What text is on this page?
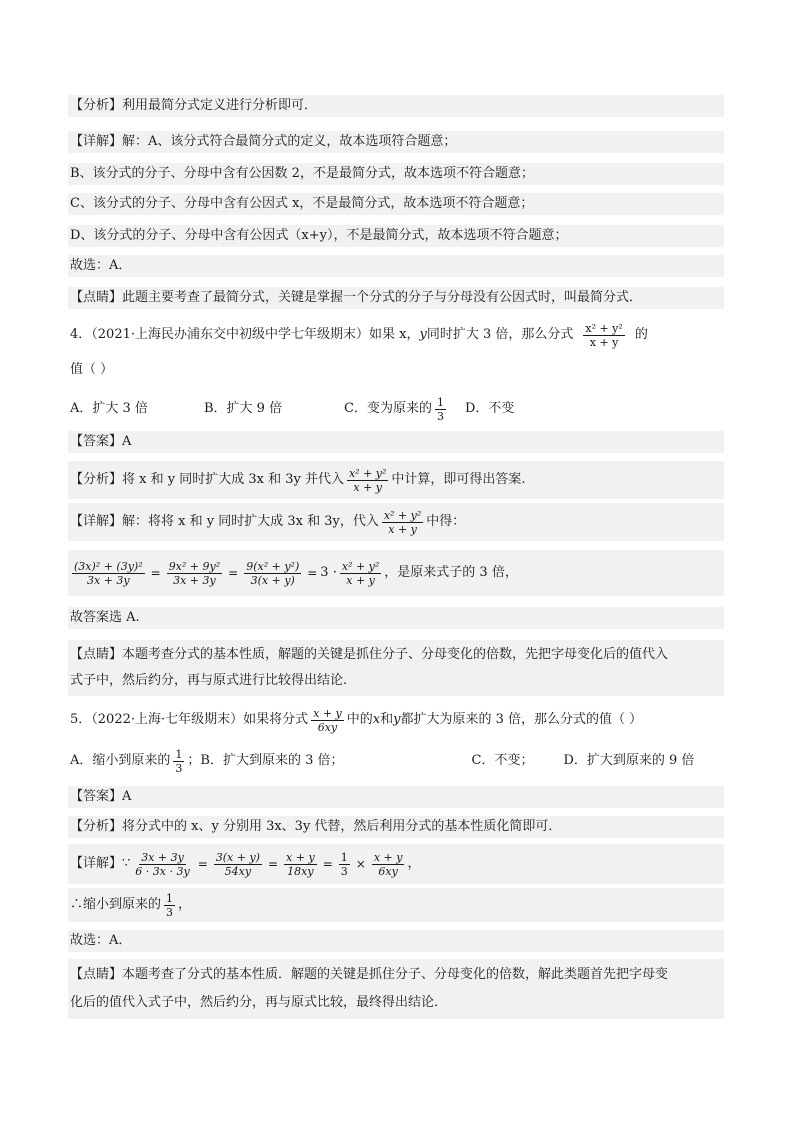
【分析】利用最简分式定义进行分析即可．
【详解】解：A、该分式符合最简分式的定义，故本选项符合题意；
B、该分式的分子、分母中含有公因数 2，不是最简分式，故本选项不符合题意；
C、该分式的分子、分母中含有公因式 x，不是最简分式，故本选项不符合题意；
D、该分式的分子、分母中含有公因式（x+y），不是最简分式，故本选项不符合题意；
故选：A．
【点睛】此题主要考查了最简分式，关键是掌握一个分式的分子与分母没有公因式时，叫最简分式．
4．（2021·上海民办浦东交中初级中学七年级期末）如果 x， y 同时扩大 3 倍，那么分式 $\frac{\text{x² + y²}}{x + y}$ 的
值（ ）
A．扩大 3 倍	B．扩大 9 倍	C．变为原来的 $\frac{1}{3}$ D．不变
【答案】 A
【分析】 将 x 和 y 同时扩大成 3x 和 3y 并代入 $\frac{\text{x² + y²}}{x + y}$ 中计算，即可得出答案.
【详解】 解：将将 x 和 y 同时扩大成 3x 和 3y，代入 $\frac{\text{x² + y²}}{x + y}$ 中得：
$\frac{\text{(3x)² + (3y)²}}{3x + 3y} = \frac{\text{9x² + 9y²}}{3x + 3y} = \frac{\text{9(x² + y²)}}{3(x + y)} = 3 \cdot \frac{\text{x² + y²}}{x + y}$ ，是原来式子的 3 倍，
故答案选 A.
【点睛】本题考查分式的基本性质，解题的关键是抓住分子、分母变化的倍数，先把字母变化后的值代入
式子中，然后约分，再与原式进行比较得出结论.
5．（2022·上海·七年级期末）如果将分式 $\frac{x + y}{6xy}$ 中的 x 和 y 都扩大为原来的 3 倍，那么分式的值（ ）
A．缩小到原来的 $\frac{1}{3}$ ； B．扩大到原来的 3 倍；	C．不变； D．扩大到原来的 9 倍
【答案】 A
【分析】将分式中的 x、y 分别用 3x、3y 代替，然后利用分式的基本性质化简即可．
【详解】 ∵ $\frac{3x + 3y}{6 \cdot 3x \cdot 3y} = \frac{3(x + y)}{54xy} = \frac{x + y}{18xy} = \frac{1}{3} \times \frac{x + y}{6xy}$ ，
∴缩小到原来的 $\frac{1}{3}$ ，
故选：A．
【点睛】本题考查了分式的基本性质．解题的关键是抓住分子、分母变化的倍数，解此类题首先把字母变
化后的值代入式子中，然后约分，再与原式比较，最终得出结论．
